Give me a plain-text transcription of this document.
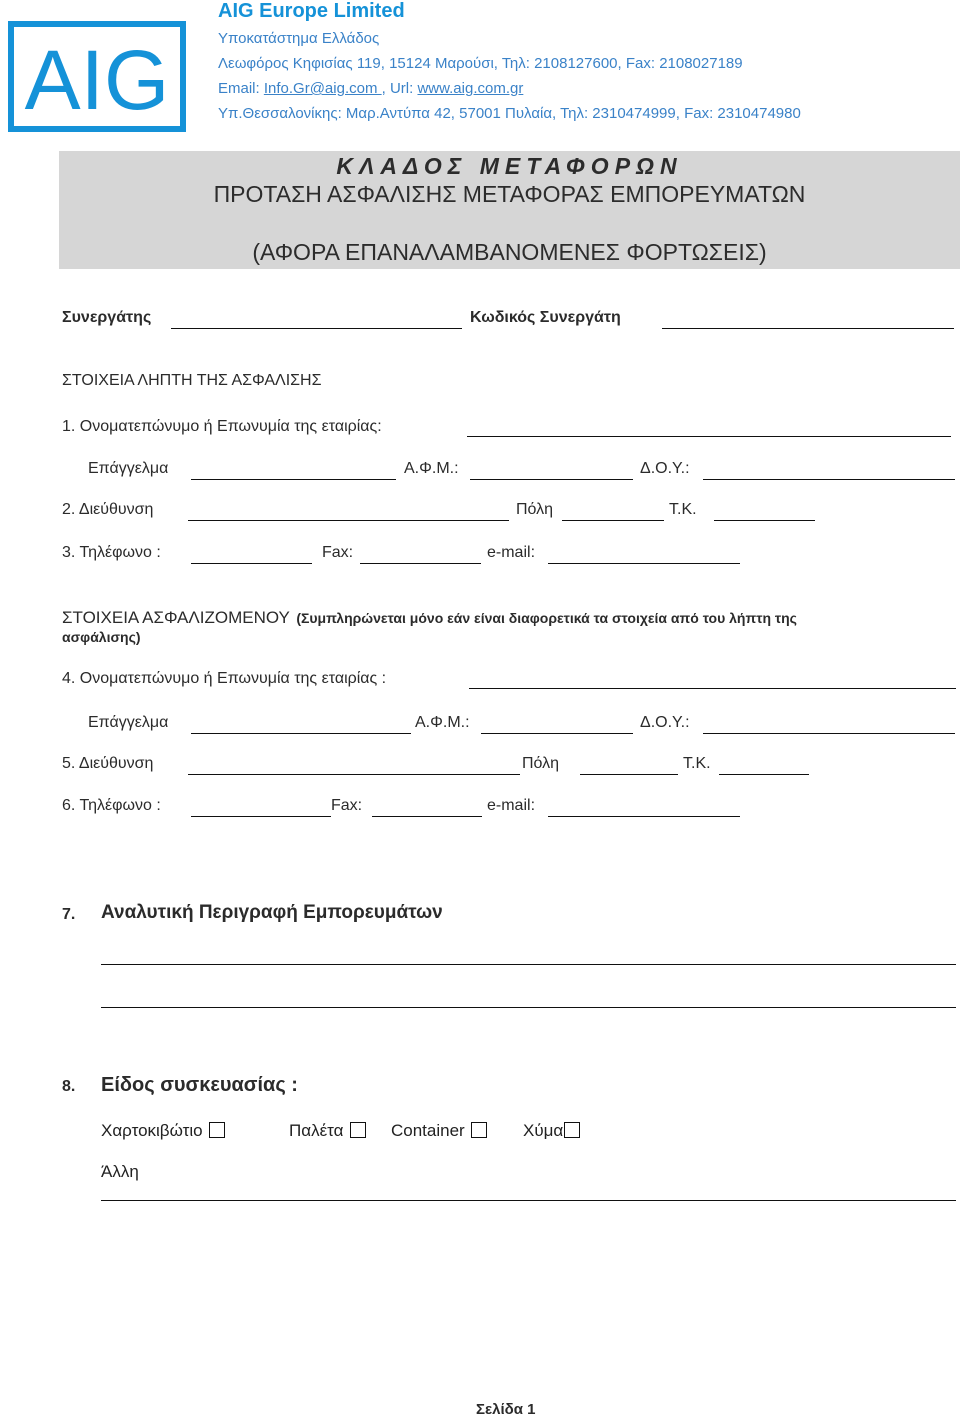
AIG
AIG Europe Limited
Υποκατάστημα Ελλάδος
Λεωφόρος Κηφισίας 119, 15124 Μαρούσι, Τηλ: 2108127600, Fax: 2108027189
Email: Info.Gr@aig.com , Url: www.aig.com.gr
Υπ.Θεσσαλονίκης: Μαρ.Αντύπα 42, 57001 Πυλαία, Τηλ: 2310474999, Fax: 2310474980
ΚΛΑΔΟΣ ΜΕΤΑΦΟΡΩΝ
ΠΡΟΤΑΣΗ ΑΣΦΑΛΙΣΗΣ ΜΕΤΑΦΟΡΑΣ ΕΜΠΟΡΕΥΜΑΤΩΝ
(ΑΦΟΡΑ ΕΠΑΝΑΛΑΜΒΑΝΟΜΕΝΕΣ ΦΟΡΤΩΣΕΙΣ)
Συνεργάτης	Κωδικός Συνεργάτη
ΣΤΟΙΧΕΙΑ ΛΗΠΤΗ ΤΗΣ ΑΣΦΑΛΙΣΗΣ
1. Ονοματεπώνυμο ή Επωνυμία της εταιρίας:
Επάγγελμα	Α.Φ.Μ.:	Δ.Ο.Υ.:
2. Διεύθυνση	Πόλη	Τ.Κ.
3. Τηλέφωνο :	Fax:	e-mail:
ΣΤΟΙΧΕΙΑ ΑΣΦΑΛΙΖΟΜΕΝΟΥ (Συμπληρώνεται μόνο εάν είναι διαφορετικά τα στοιχεία από του λήπτη της
ασφάλισης)
4. Ονοματεπώνυμο ή Επωνυμία της εταιρίας :
Επάγγελμα	Α.Φ.Μ.:	Δ.Ο.Υ.:
5. Διεύθυνση	Πόλη	Τ.Κ.
6. Τηλέφωνο :	Fax:	e-mail:
7. Αναλυτική Περιγραφή Εμπορευμάτων
8. Είδος συσκευασίας :
Χαρτοκιβώτιο	Παλέτα	Container	Χύμα
Άλλη
Σελίδα 1
